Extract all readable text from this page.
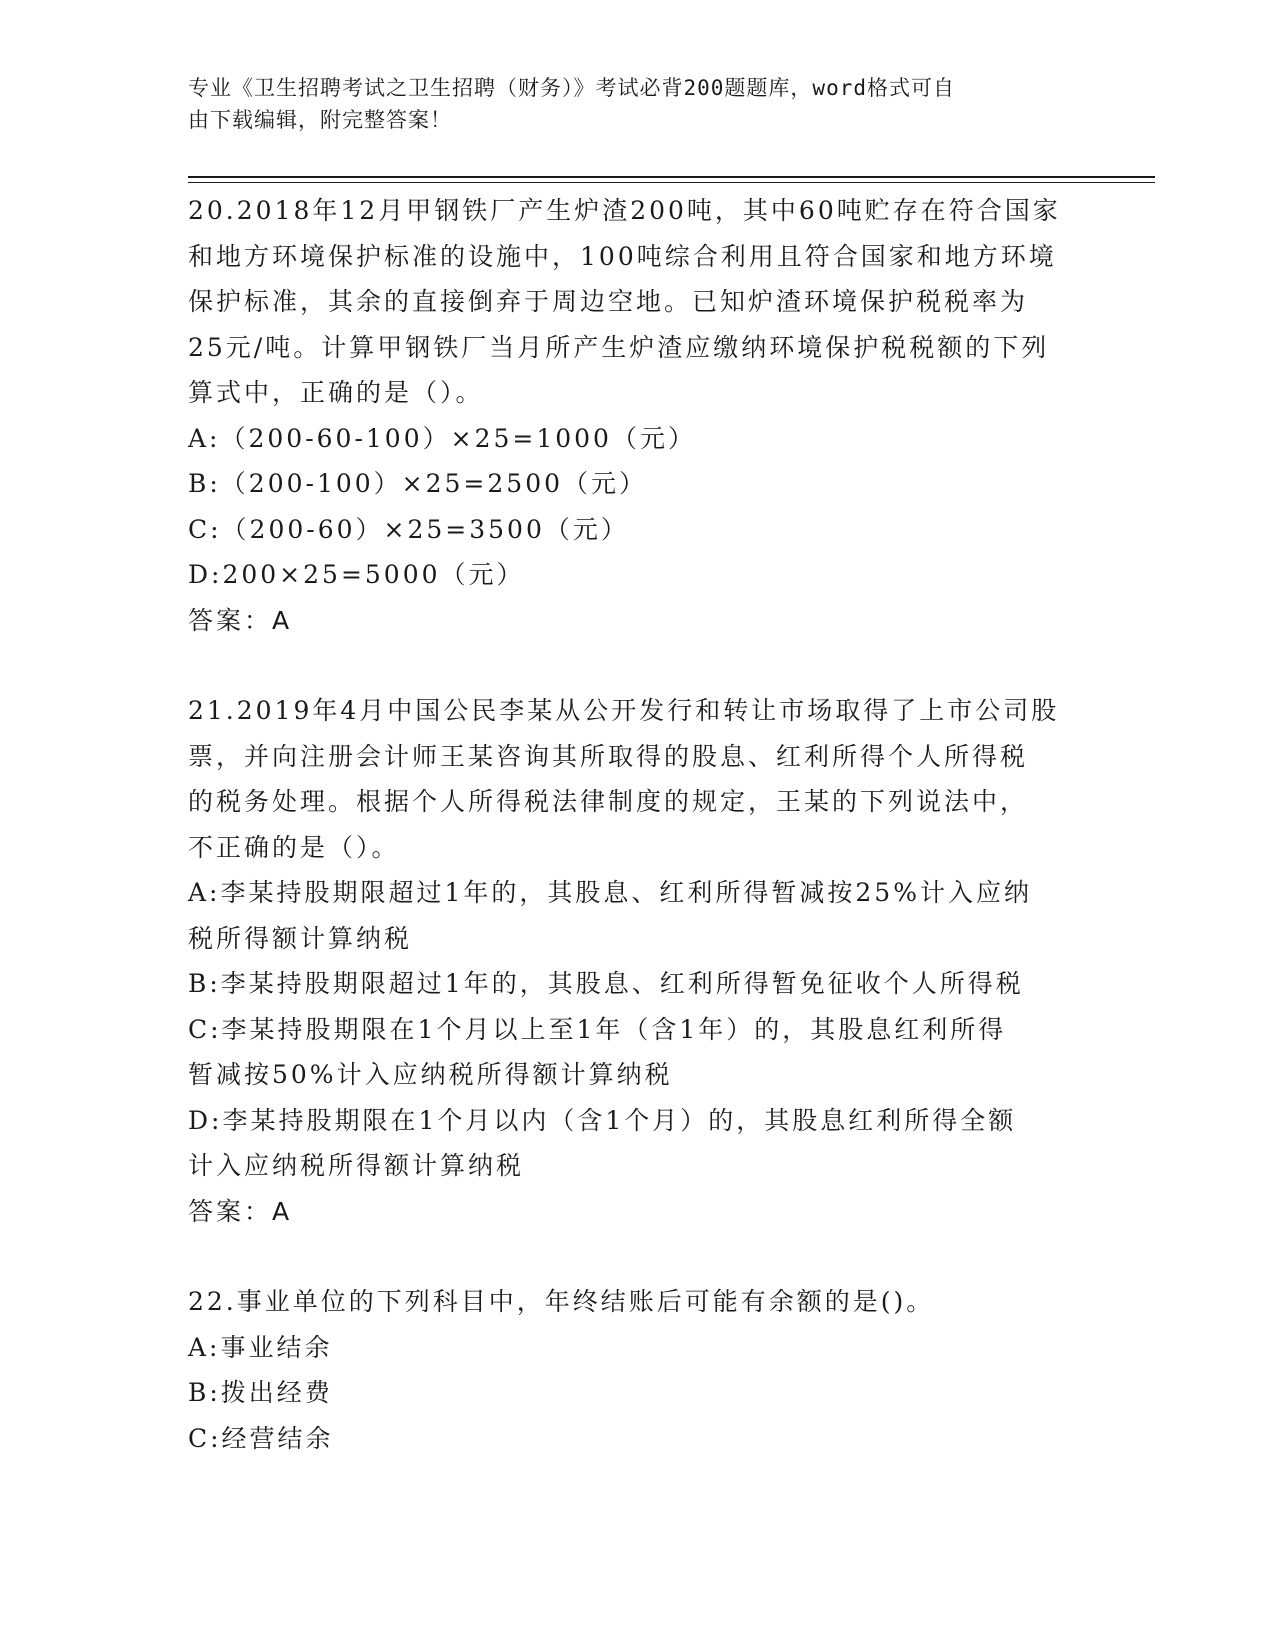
专业《卫生招聘考试之卫生招聘（财务）》考试必背200题题库，word格式可自
由下载编辑，附完整答案！
20.2018年12月甲钢铁厂产生炉渣200吨，其中60吨贮存在符合国家
和地方环境保护标准的设施中，100吨综合利用且符合国家和地方环境
保护标准，其余的直接倒弃于周边空地。已知炉渣环境保护税税率为
25元/吨。计算甲钢铁厂当月所产生炉渣应缴纳环境保护税税额的下列
算式中，正确的是（）。
A:（200-60-100）×25=1000（元）
B:（200-100）×25=2500（元）
C:（200-60）×25=3500（元）
D:200×25=5000（元）
答案：A
21.2019年4月中国公民李某从公开发行和转让市场取得了上市公司股
票，并向注册会计师王某咨询其所取得的股息、红利所得个人所得税
的税务处理。根据个人所得税法律制度的规定，王某的下列说法中，
不正确的是（）。
A:李某持股期限超过1年的，其股息、红利所得暂减按25%计入应纳
税所得额计算纳税
B:李某持股期限超过1年的，其股息、红利所得暂免征收个人所得税
C:李某持股期限在1个月以上至1年（含1年）的，其股息红利所得
暂减按50%计入应纳税所得额计算纳税
D:李某持股期限在1个月以内（含1个月）的，其股息红利所得全额
计入应纳税所得额计算纳税
答案：A
22.事业单位的下列科目中，年终结账后可能有余额的是()。
A:事业结余
B:拨出经费
C:经营结余
